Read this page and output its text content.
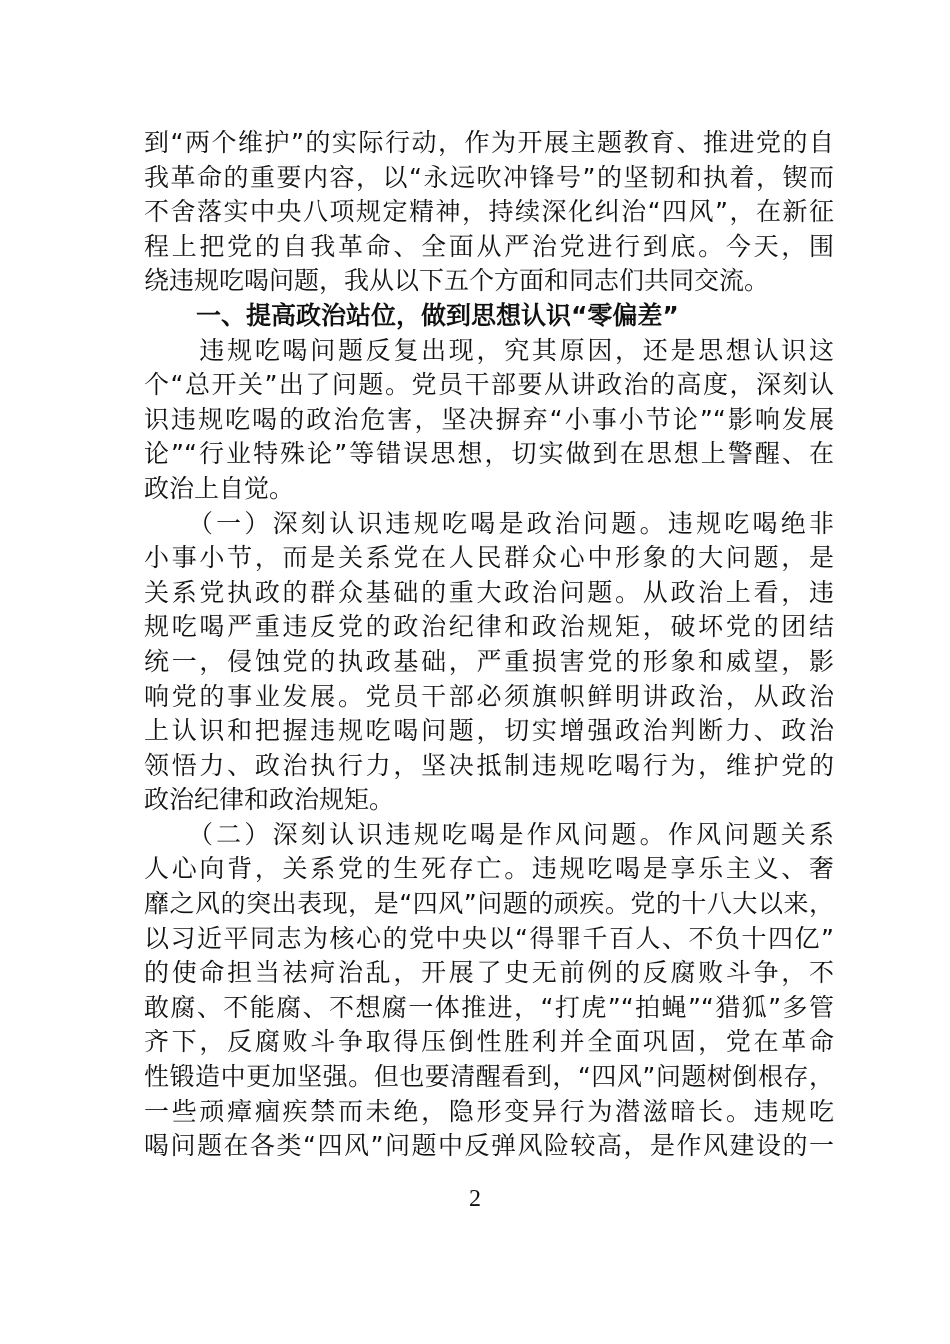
到“两个维护”的实际行动，作为开展主题教育、推进党的自
我革命的重要内容，以“永远吹冲锋号”的坚韧和执着，锲而
不舍落实中央八项规定精神，持续深化纠治“四风”，在新征
程上把党的自我革命、全面从严治党进行到底。今天，围
绕违规吃喝问题，我从以下五个方面和同志们共同交流。
一、提高政治站位，做到思想认识“零偏差”
　　违规吃喝问题反复出现，究其原因，还是思想认识这
个“总开关”出了问题。党员干部要从讲政治的高度，深刻认
识违规吃喝的政治危害，坚决摒弃“小事小节论”“影响发展
论”“行业特殊论”等错误思想，切实做到在思想上警醒、在
政治上自觉。
　　（一）深刻认识违规吃喝是政治问题。违规吃喝绝非
小事小节，而是关系党在人民群众心中形象的大问题，是
关系党执政的群众基础的重大政治问题。从政治上看，违
规吃喝严重违反党的政治纪律和政治规矩，破坏党的团结
统一，侵蚀党的执政基础，严重损害党的形象和威望，影
响党的事业发展。党员干部必须旗帜鲜明讲政治，从政治
上认识和把握违规吃喝问题，切实增强政治判断力、政治
领悟力、政治执行力，坚决抵制违规吃喝行为，维护党的
政治纪律和政治规矩。
　　（二）深刻认识违规吃喝是作风问题。作风问题关系
人心向背，关系党的生死存亡。违规吃喝是享乐主义、奢
靡之风的突出表现，是“四风”问题的顽疾。党的十八大以来，
以习近平同志为核心的党中央以“得罪千百人、不负十四亿”
的使命担当祛疴治乱，开展了史无前例的反腐败斗争，不
敢腐、不能腐、不想腐一体推进，“打虎”“拍蝇”“猎狐”多管
齐下，反腐败斗争取得压倒性胜利并全面巩固，党在革命
性锻造中更加坚强。但也要清醒看到，“四风”问题树倒根存，
一些顽瘴痼疾禁而未绝，隐形变异行为潜滋暗长。违规吃
喝问题在各类“四风”问题中反弹风险较高，是作风建设的一
2
